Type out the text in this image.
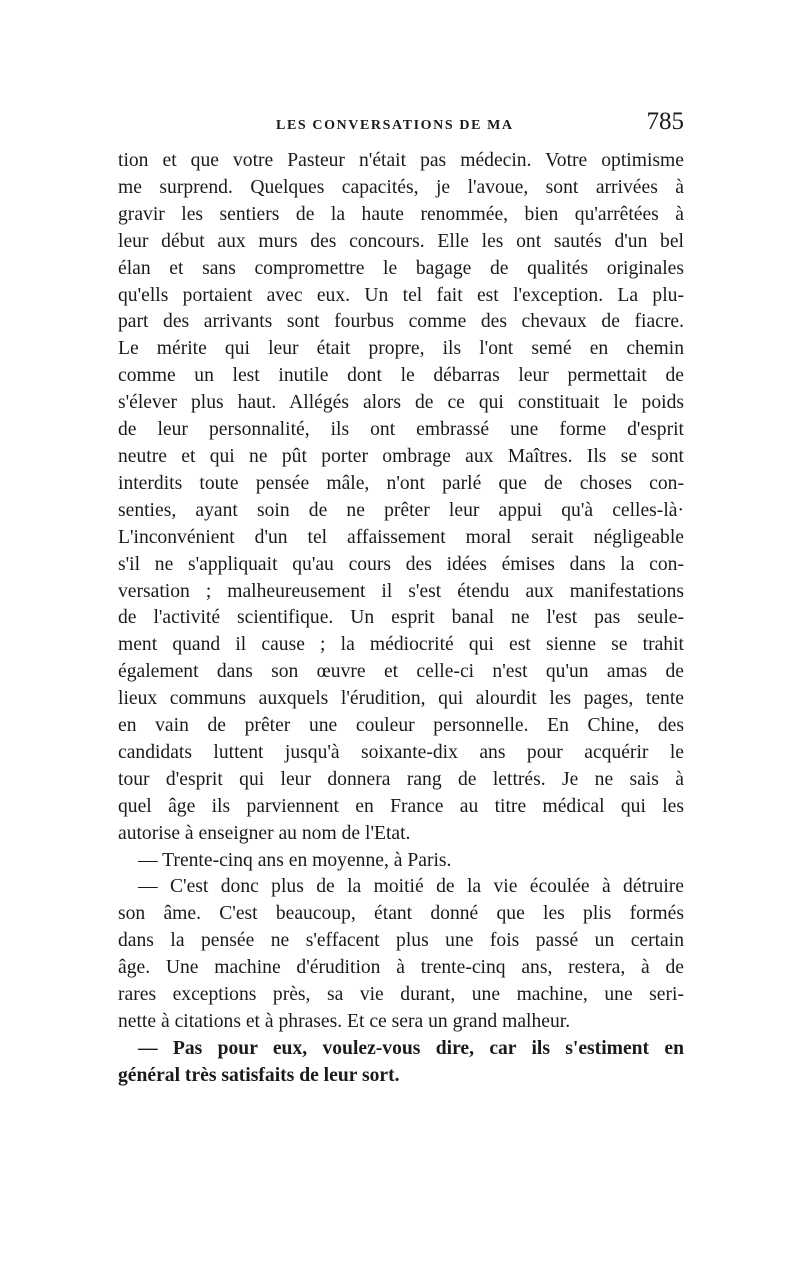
LES CONVERSATIONS DE MA	785

tion et que votre Pasteur n'était pas médecin. Votre optimisme

me surprend. Quelques capacités, je l'avoue, sont arrivées à

gravir les sentiers de la haute renommée, bien qu'arrêtées à

leur début aux murs des concours. Elle les ont sautés d'un bel

élan et sans compromettre le bagage de qualités originales

qu'ells portaient avec eux. Un tel fait est l'exception. La plu-

part des arrivants sont fourbus comme des chevaux de fiacre.

Le mérite qui leur était propre, ils l'ont semé en chemin

comme un lest inutile dont le débarras leur permettait de

s'élever plus haut. Allégés alors de ce qui constituait le poids

de leur personnalité, ils ont embrassé une forme d'esprit

neutre et qui ne pût porter ombrage aux Maîtres. Ils se sont

interdits toute pensée mâle, n'ont parlé que de choses con-

senties, ayant soin de ne prêter leur appui qu'à celles-là·

L'inconvénient d'un tel affaissement moral serait négligeable

s'il ne s'appliquait qu'au cours des idées émises dans la con-

versation ; malheureusement il s'est étendu aux manifestations

de l'activité scientifique. Un esprit banal ne l'est pas seule-

ment quand il cause ; la médiocrité qui est sienne se trahit

également dans son œuvre et celle-ci n'est qu'un amas de

lieux communs auxquels l'érudition, qui alourdit les pages, tente

en vain de prêter une couleur personnelle. En Chine, des

candidats luttent jusqu'à soixante-dix ans pour acquérir le

tour d'esprit qui leur donnera rang de lettrés. Je ne sais à

quel âge ils parviennent en France au titre médical qui les

autorise à enseigner au nom de l'Etat.

— Trente-cinq ans en moyenne, à Paris.

— C'est donc plus de la moitié de la vie écoulée à détruire

son âme. C'est beaucoup, étant donné que les plis formés

dans la pensée ne s'effacent plus une fois passé un certain

âge. Une machine d'érudition à trente-cinq ans, restera, à de

rares exceptions près, sa vie durant, une machine, une seri-

nette à citations et à phrases. Et ce sera un grand malheur.

— Pas pour eux, voulez-vous dire, car ils s'estiment en

général très satisfaits de leur sort.
